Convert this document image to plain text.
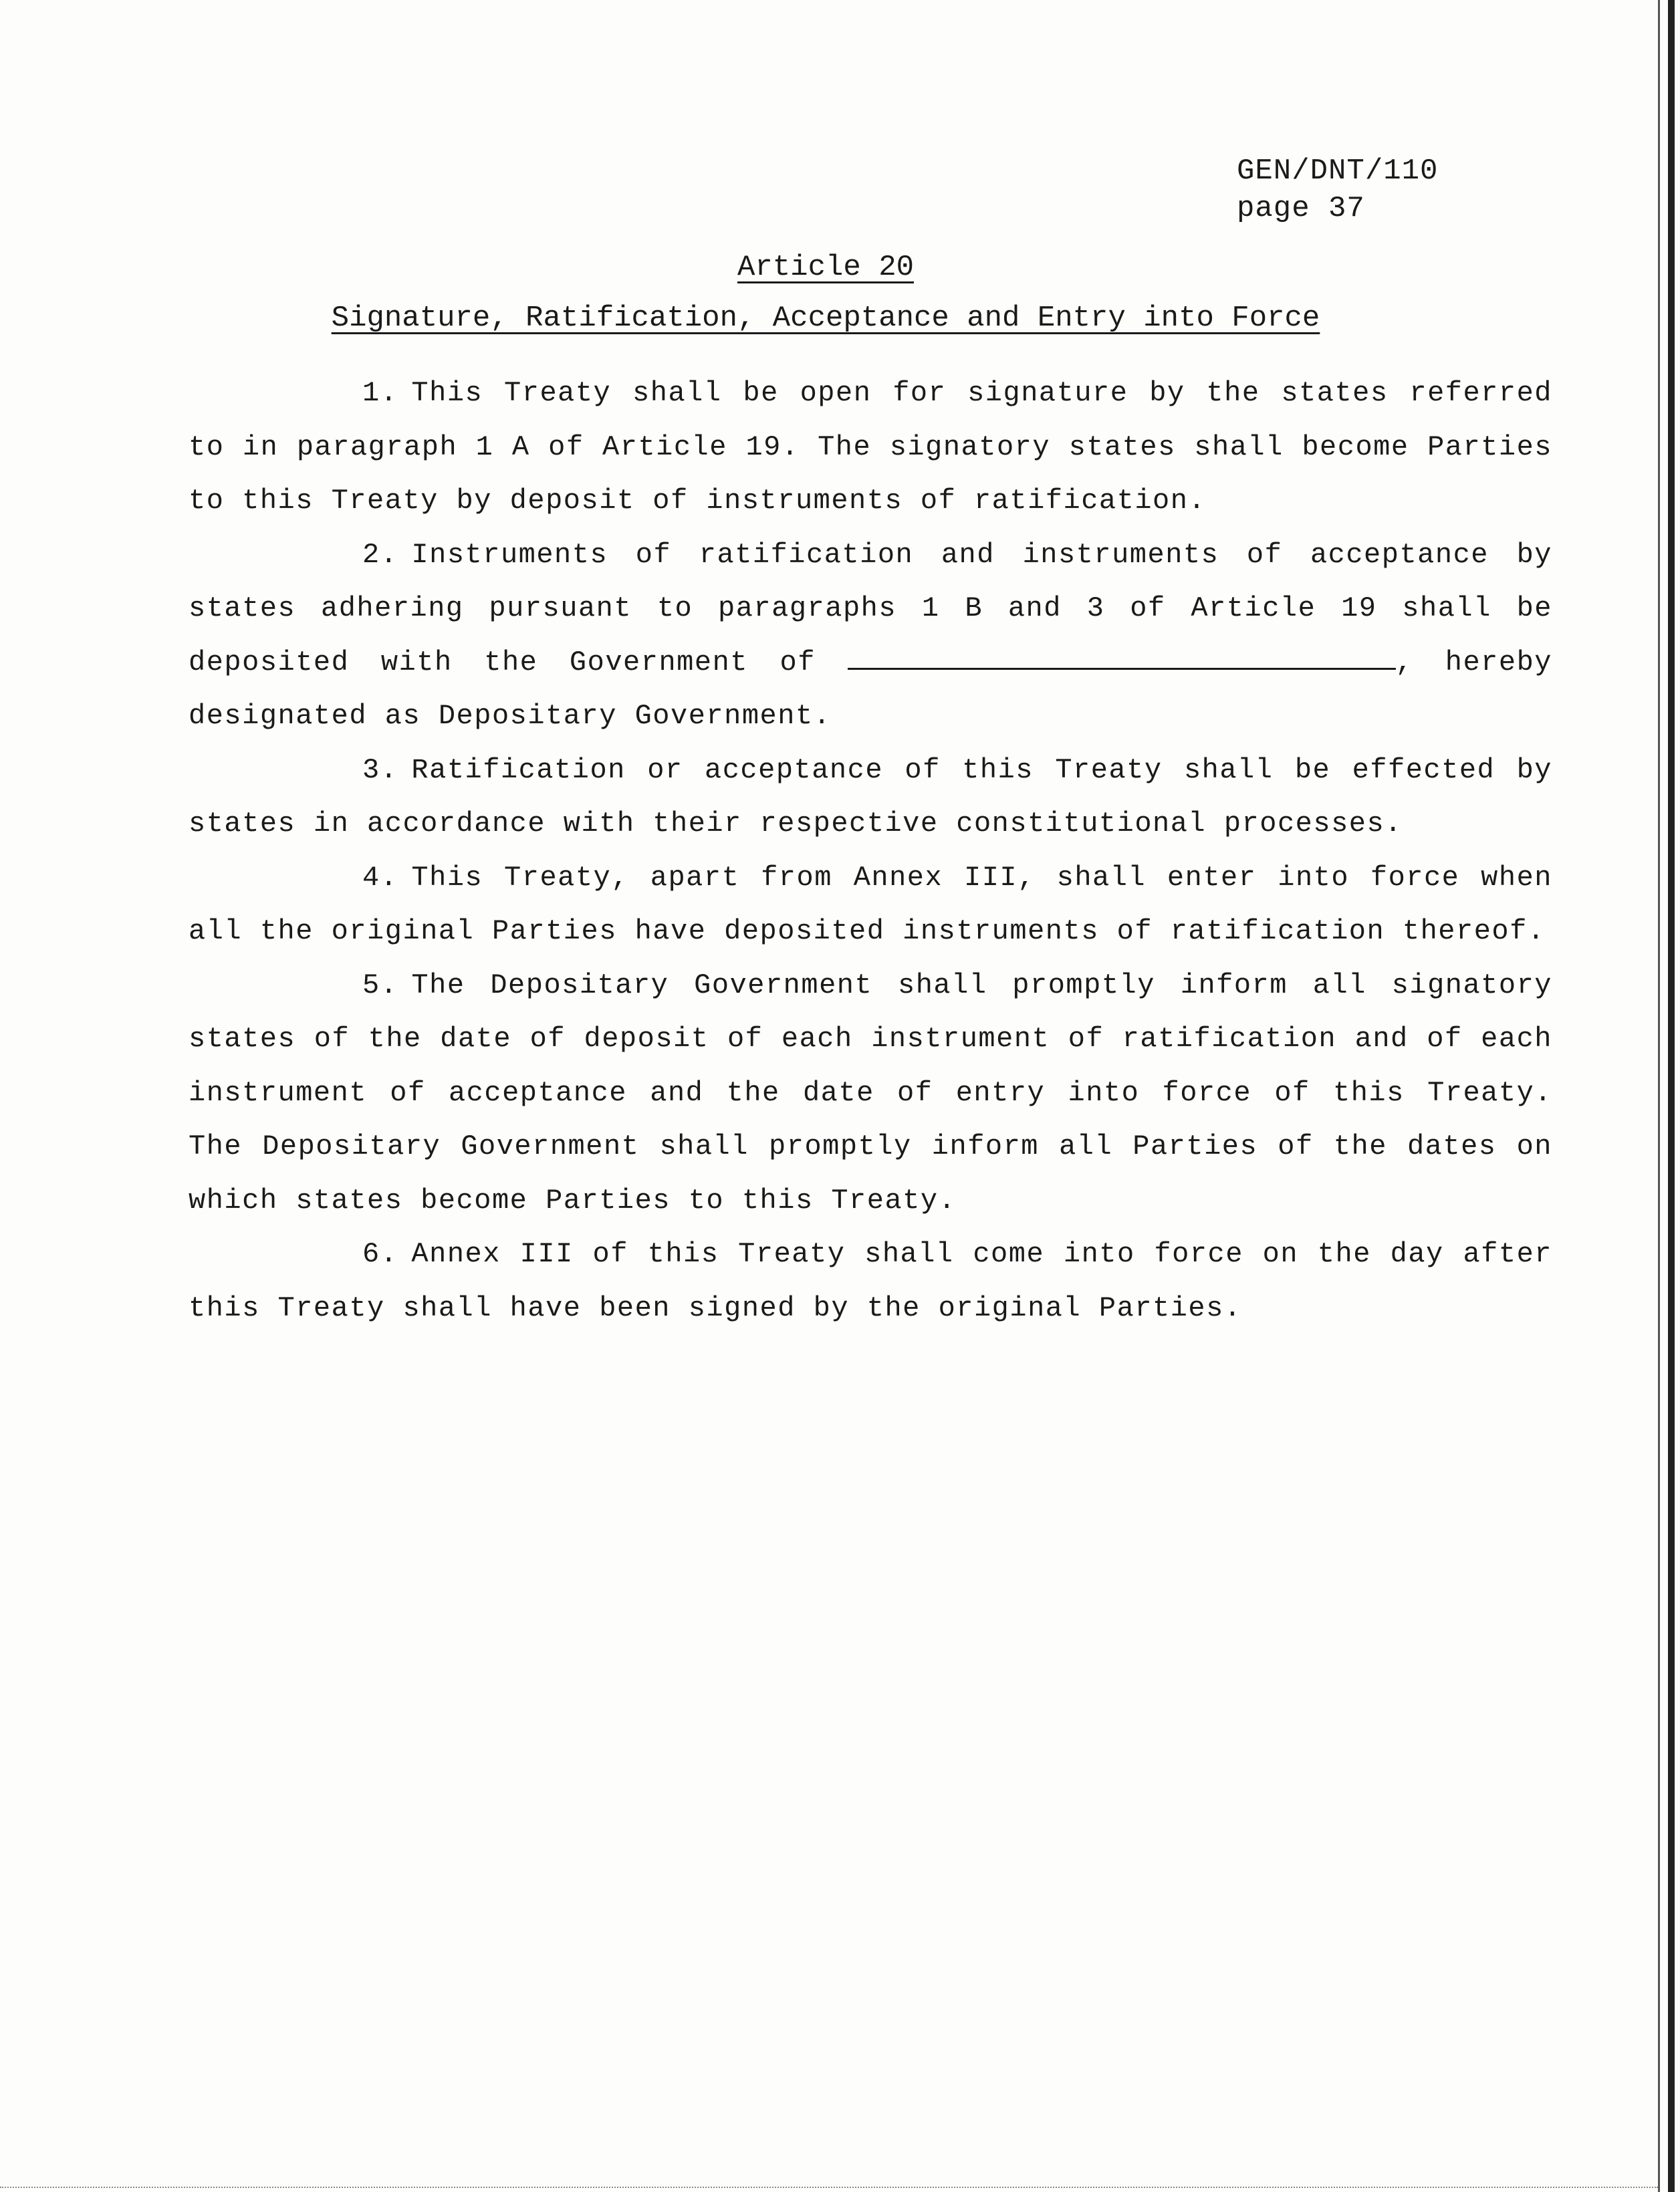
GEN/DNT/110
page 37
Article 20
Signature, Ratification, Acceptance and Entry into Force

1. This Treaty shall be open for signature by the states referred to in paragraph 1 A of Article 19. The signatory states shall become Parties to this Treaty by deposit of instruments of ratification.

2. Instruments of ratification and instruments of acceptance by states adhering pursuant to paragraphs 1 B and 3 of Article 19 shall be deposited with the Government of	, hereby designated as Depositary Government.

3. Ratification or acceptance of this Treaty shall be effected by states in accordance with their respective constitutional processes.

4. This Treaty, apart from Annex III, shall enter into force when all the original Parties have deposited instruments of ratification thereof.

5. The Depositary Government shall promptly inform all signatory states of the date of deposit of each instrument of ratification and of each instrument of acceptance and the date of entry into force of this Treaty. The Depositary Government shall promptly inform all Parties of the dates on which states become Parties to this Treaty.

6. Annex III of this Treaty shall come into force on the day after this Treaty shall have been signed by the original Parties.
